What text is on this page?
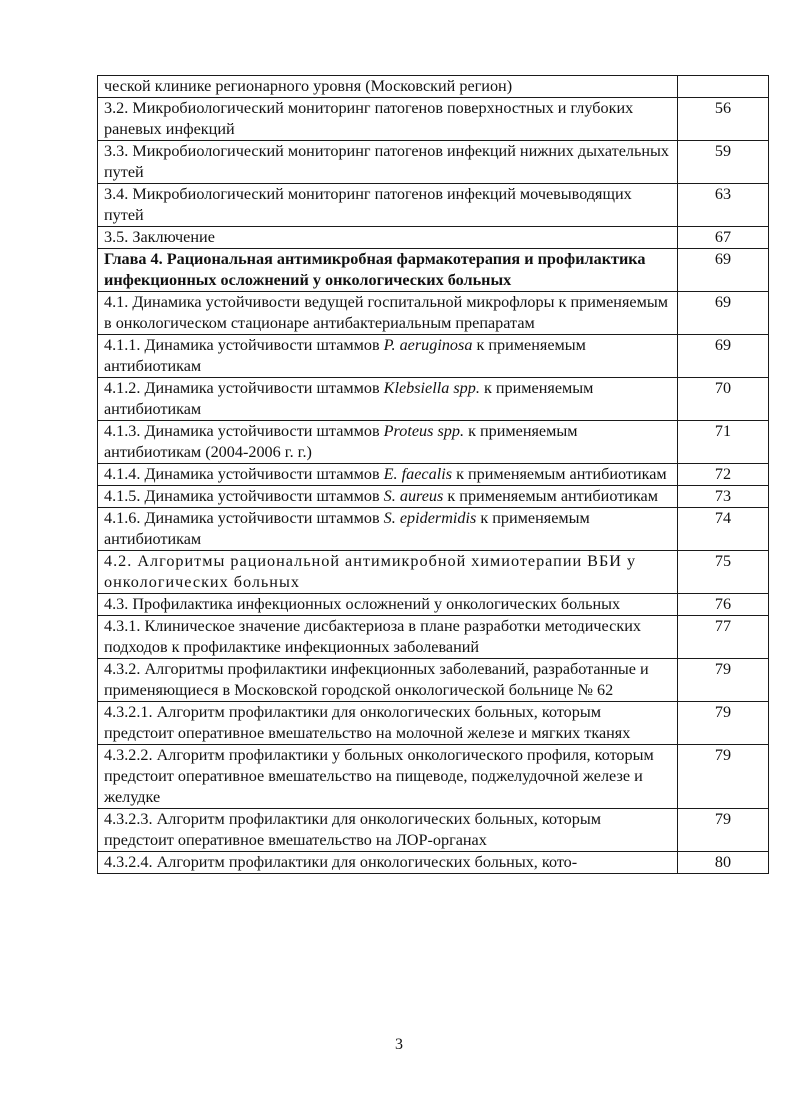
ческой клинике регионарного уровня (Московский регион)	
3.2. Микробиологический мониторинг патогенов поверхностных и глубоких раневых инфекций	56
3.3. Микробиологический мониторинг патогенов инфекций нижних дыхательных путей	59
3.4. Микробиологический мониторинг патогенов инфекций мочевыводящих путей	63
3.5. Заключение	67
Глава 4. Рациональная антимикробная фармакотерапия и профилактика инфекционных осложнений у онкологических больных	69
4.1. Динамика устойчивости ведущей госпитальной микрофлоры к применяемым в онкологическом стационаре антибактериальным препаратам	69
4.1.1. Динамика устойчивости штаммов P. aeruginosa к применяемым антибиотикам	69
4.1.2. Динамика устойчивости штаммов Klebsiella spp. к применяемым антибиотикам	70
4.1.3. Динамика устойчивости штаммов Proteus spp. к применяемым антибиотикам (2004-2006 г. г.)	71
4.1.4. Динамика устойчивости штаммов E. faecalis к применяемым антибиотикам	72
4.1.5. Динамика устойчивости штаммов S. aureus к применяемым антибиотикам	73
4.1.6. Динамика устойчивости штаммов S. epidermidis к применяемым антибиотикам	74
4.2. Алгоритмы рациональной антимикробной химиотерапии ВБИ у онкологических больных	75
4.3. Профилактика инфекционных осложнений у онкологических больных	76
4.3.1. Клиническое значение дисбактериоза в плане разработки методических подходов к профилактике инфекционных заболеваний	77
4.3.2. Алгоритмы профилактики инфекционных заболеваний, разработанные и применяющиеся в Московской городской онкологической больнице № 62	79
4.3.2.1. Алгоритм профилактики для онкологических больных, которым предстоит оперативное вмешательство на молочной железе и мягких тканях	79
4.3.2.2. Алгоритм профилактики у больных онкологического профиля, которым предстоит оперативное вмешательство на пищеводе, поджелудочной железе и желудке	79
4.3.2.3. Алгоритм профилактики для онкологических больных, которым предстоит оперативное вмешательство на ЛОР-органах	79
4.3.2.4. Алгоритм профилактики для онкологических больных, кото-	80
3
